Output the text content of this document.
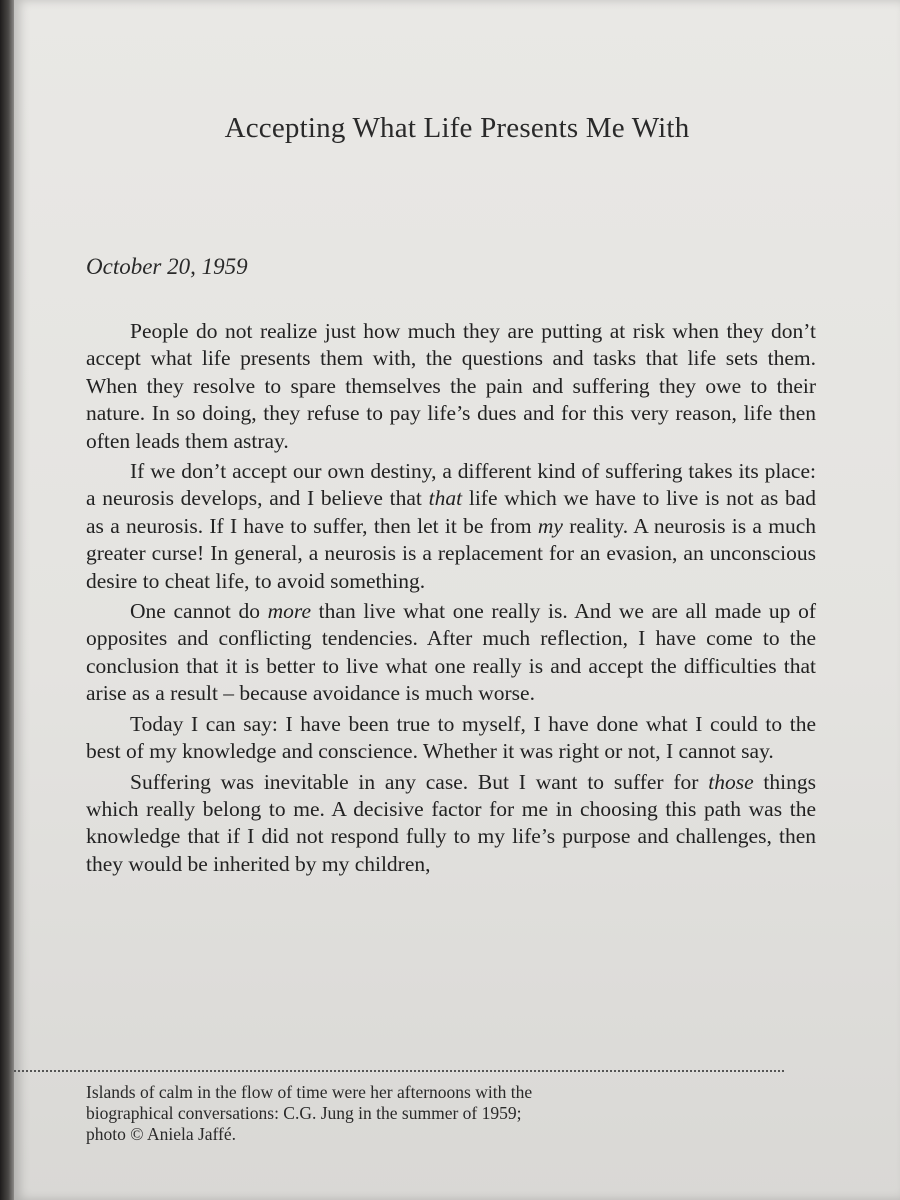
Accepting What Life Presents Me With
October 20, 1959

People do not realize just how much they are putting at risk when they don’t accept what life presents them with, the questions and tasks that life sets them. When they resolve to spare themselves the pain and suffering they owe to their nature. In so doing, they refuse to pay life’s dues and for this very reason, life then often leads them astray.

If we don’t accept our own destiny, a different kind of suffering takes its place: a neurosis develops, and I believe that that life which we have to live is not as bad as a neurosis. If I have to suffer, then let it be from my reality. A neurosis is a much greater curse! In general, a neurosis is a replacement for an evasion, an unconscious desire to cheat life, to avoid something.

One cannot do more than live what one really is. And we are all made up of opposites and conflicting tendencies. After much reflection, I have come to the conclusion that it is better to live what one really is and accept the difficulties that arise as a result – because avoidance is much worse.

Today I can say: I have been true to myself, I have done what I could to the best of my knowledge and conscience. Whether it was right or not, I cannot say.

Suffering was inevitable in any case. But I want to suffer for those things which really belong to me. A decisive factor for me in choosing this path was the knowledge that if I did not respond fully to my life’s purpose and challenges, then they would be inherited by my children,

Islands of calm in the flow of time were her afternoons with the
biographical conversations: C.G. Jung in the summer of 1959;
photo © Aniela Jaffé.
